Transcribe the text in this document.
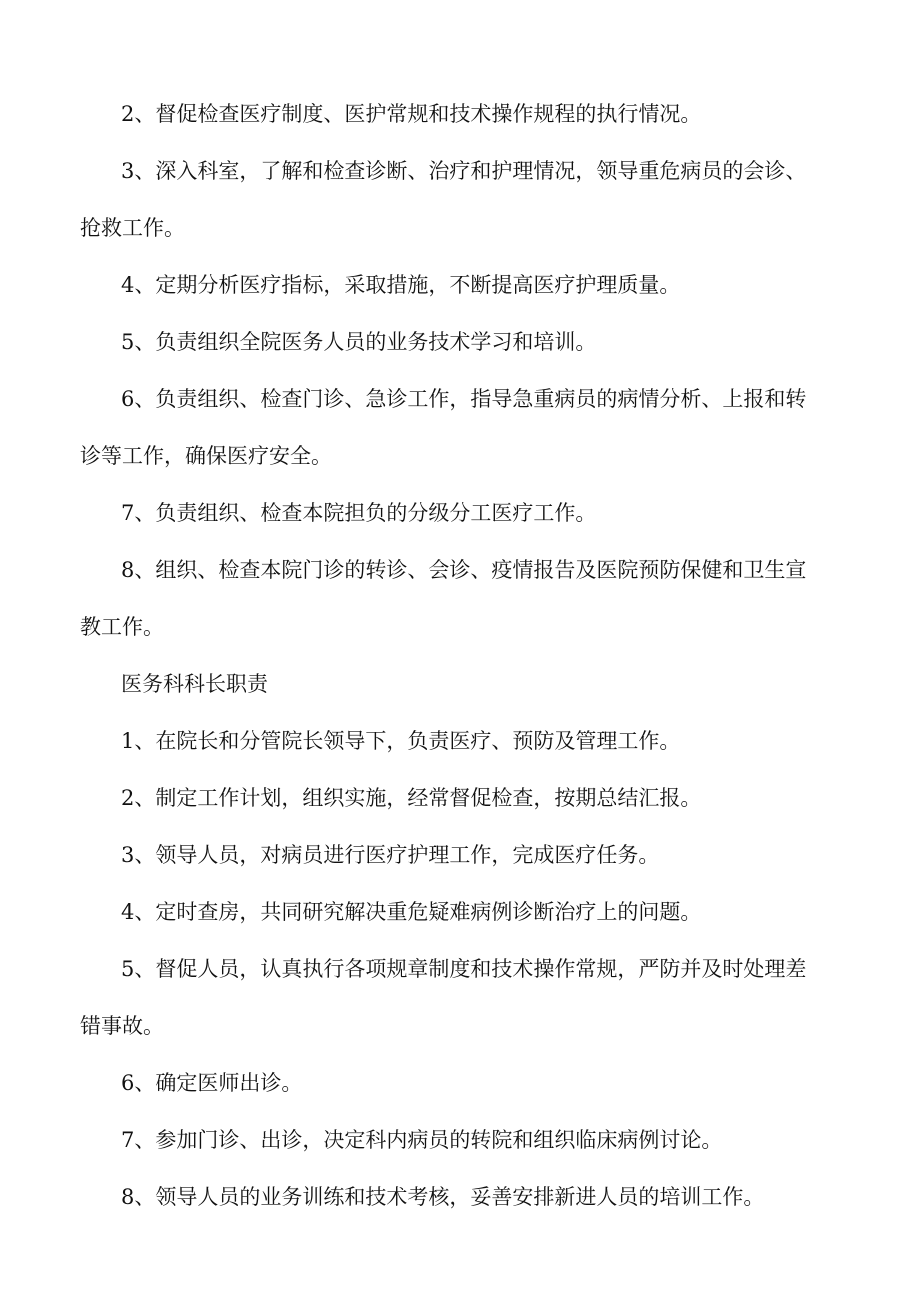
2、督促检查医疗制度、医护常规和技术操作规程的执行情况。

3、深入科室，了解和检查诊断、治疗和护理情况，领导重危病员的会诊、
抢救工作。

4、定期分析医疗指标，采取措施，不断提高医疗护理质量。

5、负责组织全院医务人员的业务技术学习和培训。

6、负责组织、检查门诊、急诊工作，指导急重病员的病情分析、上报和转
诊等工作，确保医疗安全。

7、负责组织、检查本院担负的分级分工医疗工作。

8、组织、检查本院门诊的转诊、会诊、疫情报告及医院预防保健和卫生宣
教工作。

医务科科长职责

1、在院长和分管院长领导下，负责医疗、预防及管理工作。

2、制定工作计划，组织实施，经常督促检查，按期总结汇报。

3、领导人员，对病员进行医疗护理工作，完成医疗任务。

4、定时查房，共同研究解决重危疑难病例诊断治疗上的问题。

5、督促人员，认真执行各项规章制度和技术操作常规，严防并及时处理差
错事故。

6、确定医师出诊。

7、参加门诊、出诊，决定科内病员的转院和组织临床病例讨论。

8、领导人员的业务训练和技术考核，妥善安排新进人员的培训工作。
